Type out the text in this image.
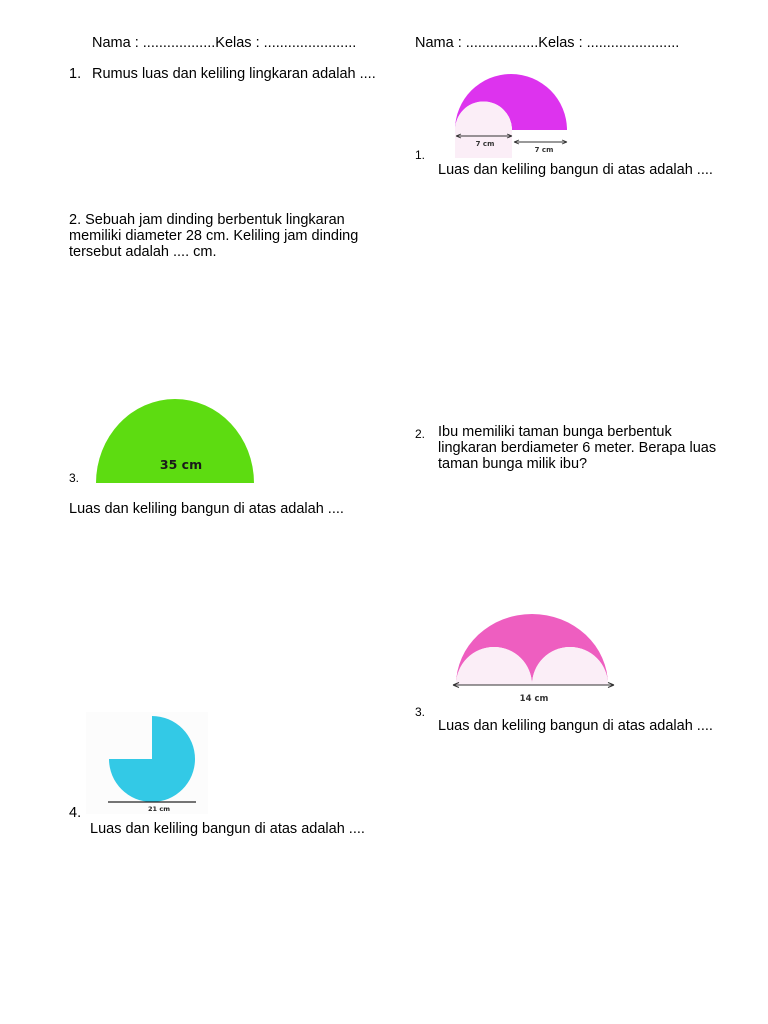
Nama : ..................Kelas : .......................
1. Rumus luas dan keliling lingkaran adalah ....
2. Sebuah jam dinding berbentuk lingkaran
memiliki diameter 28 cm. Keliling jam dinding
tersebut adalah .... cm.
35 cm
3.
Luas dan keliling bangun di atas adalah ....
21 cm
4.
Luas dan keliling bangun di atas adalah ....
Nama : ..................Kelas : .......................
7 cm
7 cm
1.
Luas dan keliling bangun di atas adalah ....
2. Ibu memiliki taman bunga berbentuk
lingkaran berdiameter 6 meter. Berapa luas
taman bunga milik ibu?
14 cm
3.
Luas dan keliling bangun di atas adalah ....
